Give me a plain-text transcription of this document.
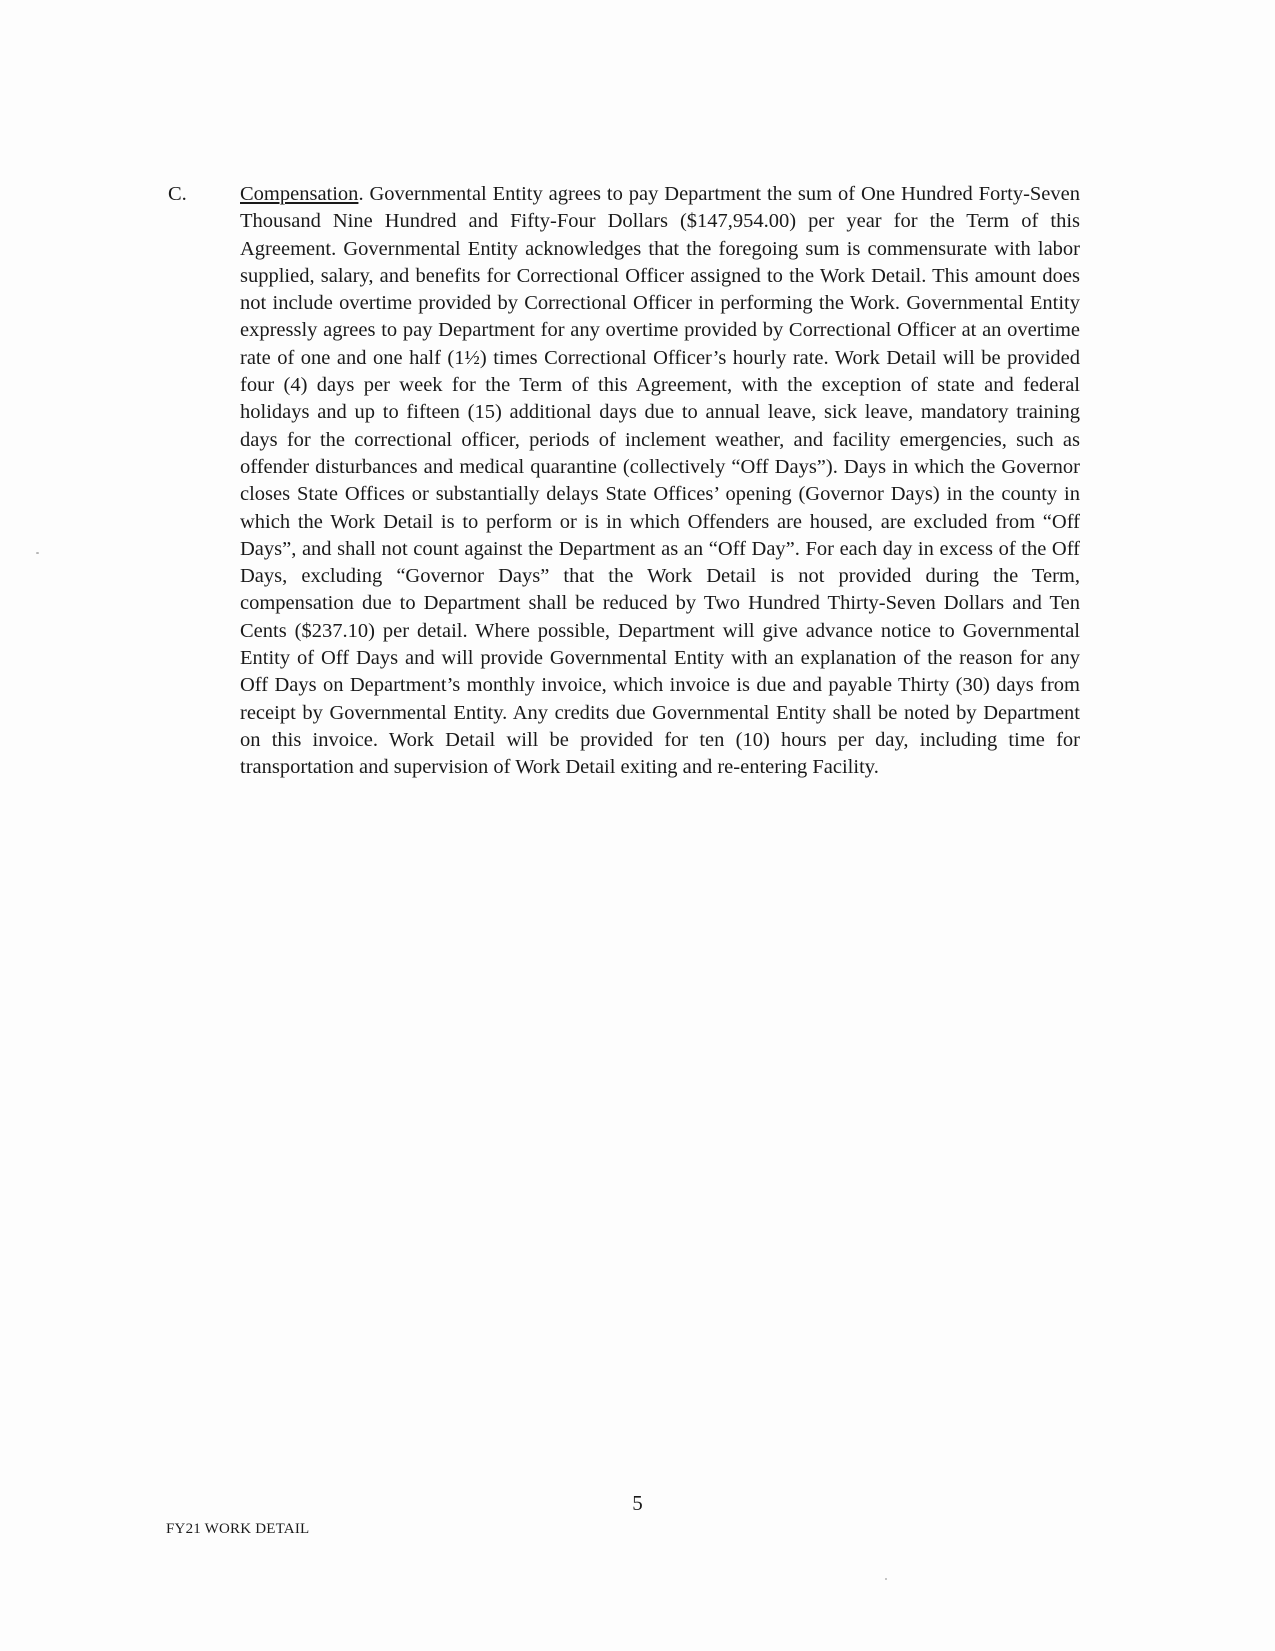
C.	Compensation. Governmental Entity agrees to pay Department the sum of One Hundred Forty-Seven Thousand Nine Hundred and Fifty-Four Dollars ($147,954.00) per year for the Term of this Agreement. Governmental Entity acknowledges that the foregoing sum is commensurate with labor supplied, salary, and benefits for Correctional Officer assigned to the Work Detail. This amount does not include overtime provided by Correctional Officer in performing the Work. Governmental Entity expressly agrees to pay Department for any overtime provided by Correctional Officer at an overtime rate of one and one half (1½) times Correctional Officer’s hourly rate. Work Detail will be provided four (4) days per week for the Term of this Agreement, with the exception of state and federal holidays and up to fifteen (15) additional days due to annual leave, sick leave, mandatory training days for the correctional officer, periods of inclement weather, and facility emergencies, such as offender disturbances and medical quarantine (collectively “Off Days”). Days in which the Governor closes State Offices or substantially delays State Offices’ opening (Governor Days) in the county in which the Work Detail is to perform or is in which Offenders are housed, are excluded from “Off Days”, and shall not count against the Department as an “Off Day”. For each day in excess of the Off Days, excluding “Governor Days” that the Work Detail is not provided during the Term, compensation due to Department shall be reduced by Two Hundred Thirty-Seven Dollars and Ten Cents ($237.10) per detail. Where possible, Department will give advance notice to Governmental Entity of Off Days and will provide Governmental Entity with an explanation of the reason for any Off Days on Department’s monthly invoice, which invoice is due and payable Thirty (30) days from receipt by Governmental Entity. Any credits due Governmental Entity shall be noted by Department on this invoice. Work Detail will be provided for ten (10) hours per day, including time for transportation and supervision of Work Detail exiting and re-entering Facility.

5
FY21 WORK DETAIL
